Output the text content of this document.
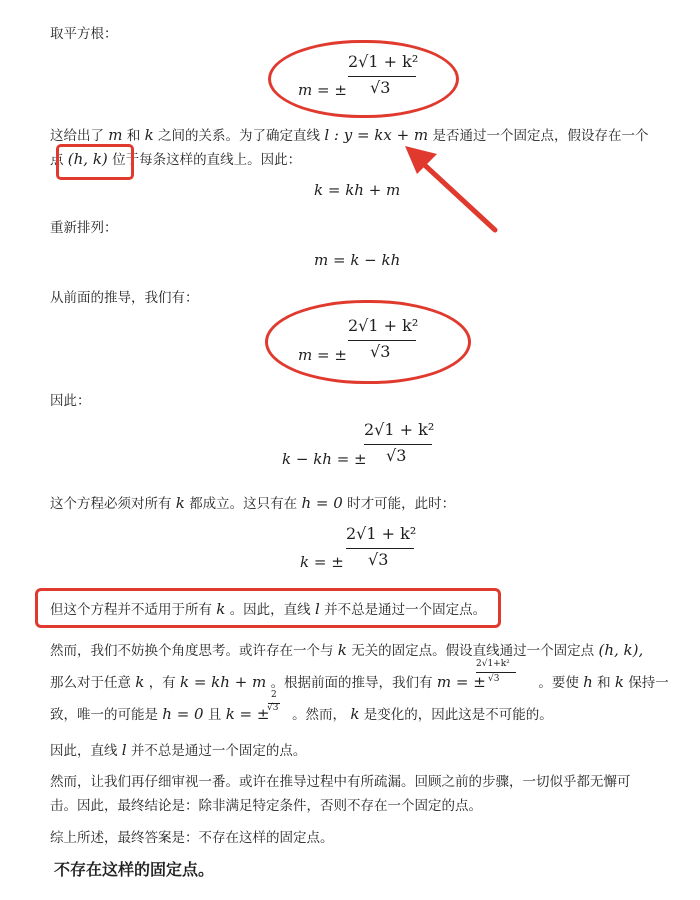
取平方根：
m = ±
2√1 + k²
√3
这给出了 m 和 k 之间的关系。为了确定直线 l : y = kx + m 是否通过一个固定点，假设存在一个
点 (h, k) 位于每条这样的直线上。因此：
k = kh + m
重新排列：
m = k − kh
从前面的推导，我们有：
m = ±
2√1 + k²
√3
因此：
k − kh = ±
2√1 + k²
√3
这个方程必须对所有 k 都成立。这只有在 h = 0 时才可能，此时：
k = ±
2√1 + k²
√3
但这个方程并不适用于所有 k 。因此，直线 l 并不总是通过一个固定点。
然而，我们不妨换个角度思考。或许存在一个与 k 无关的固定点。假设直线通过一个固定点 (h, k),
那么对于任意 k ，有 k = kh + m 。根据前面的推导，我们有 m = ±	。要使 h 和 k 保持一
2√1+k²
√3
致，唯一的可能是 h = 0 且 k = ± 。然而， k 是变化的，因此这是不可能的。
2
√3
因此，直线 l 并不总是通过一个固定的点。
然而，让我们再仔细审视一番。或许在推导过程中有所疏漏。回顾之前的步骤，一切似乎都无懈可
击。因此，最终结论是：除非满足特定条件，否则不存在一个固定的点。
综上所述，最终答案是：不存在这样的固定点。
不存在这样的固定点。
